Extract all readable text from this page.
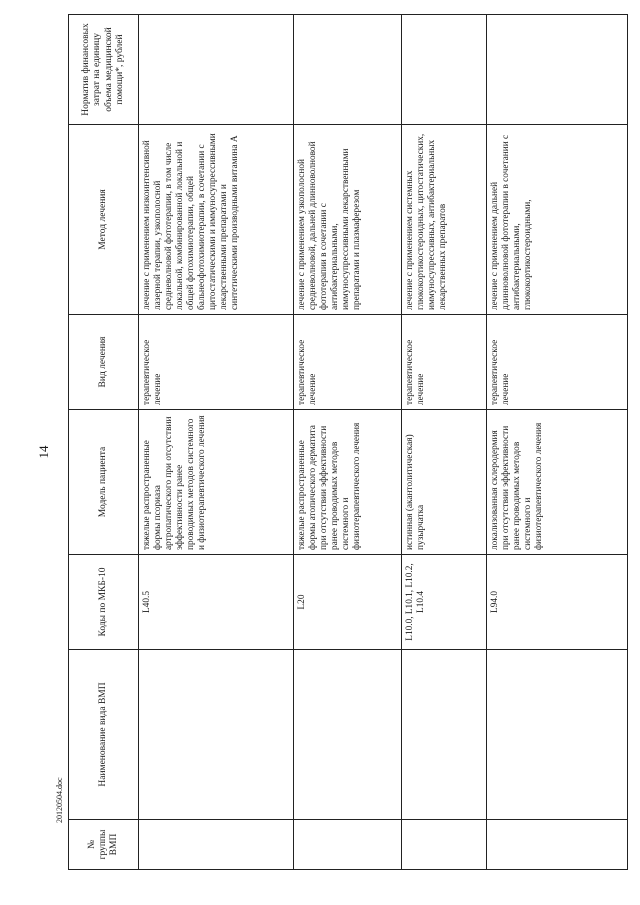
14
№ группы ВМП	Наименование вида ВМП	Коды по МКБ-10	Модель пациента	Вид лечения	Метод лечения	Норматив финансовых затрат на единицу объема медицинской помощи*, рублей
		L40.5	тяжелые распространенные формы псориаза артропатического при отсутствии эффективности ранее проводимых методов системного и физиотерапевтического лечения	терапевтическое лечение	лечение с применением низкоинтенсивной лазерной терапии, узкополосной средневолновой фототерапии, в том числе локальной, комбинированной локальной и общей фотохимиотерапии, общей бальнеофотохимиотерапии, в сочетании с цитостатическими и иммуносупрессивными лекарственными препаратами и синтетическими производными витамина А	
		L20	тяжелые распространенные формы атопического дерматита при отсутствии эффективности ранее проводимых методов системного и физиотерапевтического лечения	терапевтическое лечение	лечение с применением узкополосной средневолновой, дальней длинноволновой фототерапии в сочетании с антибактериальными, иммуносупрессивными лекарственными препаратами и плазмаферезом	
		L10.0, L10.1, L10.2, L10.4	истинная (акантолитическая) пузырчатка	терапевтическое лечение	лечение с применением системных глюкокортикостероидных, цитостатических, иммуносупрессивных, антибактериальных лекарственных препаратов	
		L94.0	локализованная склеродермия при отсутствии эффективности ранее проводимых методов системного и физиотерапевтического лечения	терапевтическое лечение	лечение с применением дальней длинноволновой фототерапии в сочетании с антибактериальными, глюкокортикостероидными,	
20120504.doc
